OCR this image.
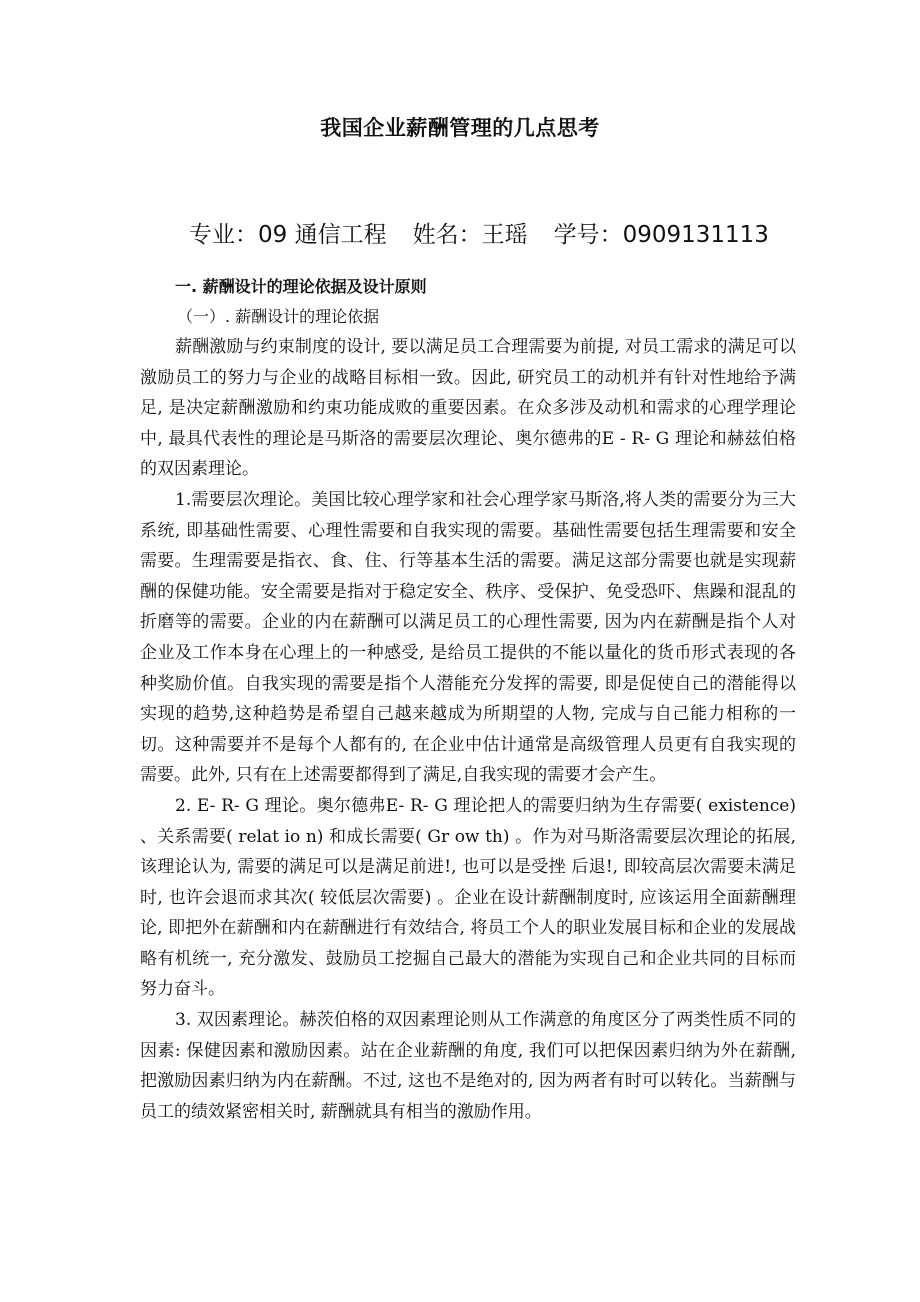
我国企业薪酬管理的几点思考
专业：09 通信工程 姓名：王瑶 学号：0909131113
一. 薪酬设计的理论依据及设计原则
（一）. 薪酬设计的理论依据

薪酬激励与约束制度的设计, 要以满足员工合理需要为前提, 对员工需求的满足可以激励员工的努力与企业的战略目标相一致。因此, 研究员工的动机并有针对性地给予满足, 是决定薪酬激励和约束功能成败的重要因素。在众多涉及动机和需求的心理学理论中, 最具代表性的理论是马斯洛的需要层次理论、奥尔德弗的E - R- G 理论和赫兹伯格的双因素理论。

1.需要层次理论。美国比较心理学家和社会心理学家马斯洛,将人类的需要分为三大系统, 即基础性需要、心理性需要和自我实现的需要。基础性需要包括生理需要和安全需要。生理需要是指衣、食、住、行等基本生活的需要。满足这部分需要也就是实现薪酬的保健功能。安全需要是指对于稳定安全、秩序、受保护、免受恐吓、焦躁和混乱的折磨等的需要。企业的内在薪酬可以满足员工的心理性需要, 因为内在薪酬是指个人对企业及工作本身在心理上的一种感受, 是给员工提供的不能以量化的货币形式表现的各种奖励价值。自我实现的需要是指个人潜能充分发挥的需要, 即是促使自己的潜能得以实现的趋势,这种趋势是希望自己越来越成为所期望的人物, 完成与自己能力相称的一切。这种需要并不是每个人都有的, 在企业中估计通常是高级管理人员更有自我实现的需要。此外, 只有在上述需要都得到了满足,自我实现的需要才会产生。

2. E- R- G 理论。奥尔德弗E- R- G 理论把人的需要归纳为生存需要( existence) 、关系需要( relat io n) 和成长需要( Gr ow th) 。作为对马斯洛需要层次理论的拓展, 该理论认为, 需要的满足可以是满足前进!, 也可以是受挫 后退!, 即较高层次需要未满足时, 也许会退而求其次( 较低层次需要) 。企业在设计薪酬制度时, 应该运用全面薪酬理论, 即把外在薪酬和内在薪酬进行有效结合, 将员工个人的职业发展目标和企业的发展战略有机统一, 充分激发、鼓励员工挖掘自己最大的潜能为实现自己和企业共同的目标而努力奋斗。

3. 双因素理论。赫茨伯格的双因素理论则从工作满意的角度区分了两类性质不同的因素: 保健因素和激励因素。站在企业薪酬的角度, 我们可以把保因素归纳为外在薪酬, 把激励因素归纳为内在薪酬。不过, 这也不是绝对的, 因为两者有时可以转化。当薪酬与员工的绩效紧密相关时, 薪酬就具有相当的激励作用。
